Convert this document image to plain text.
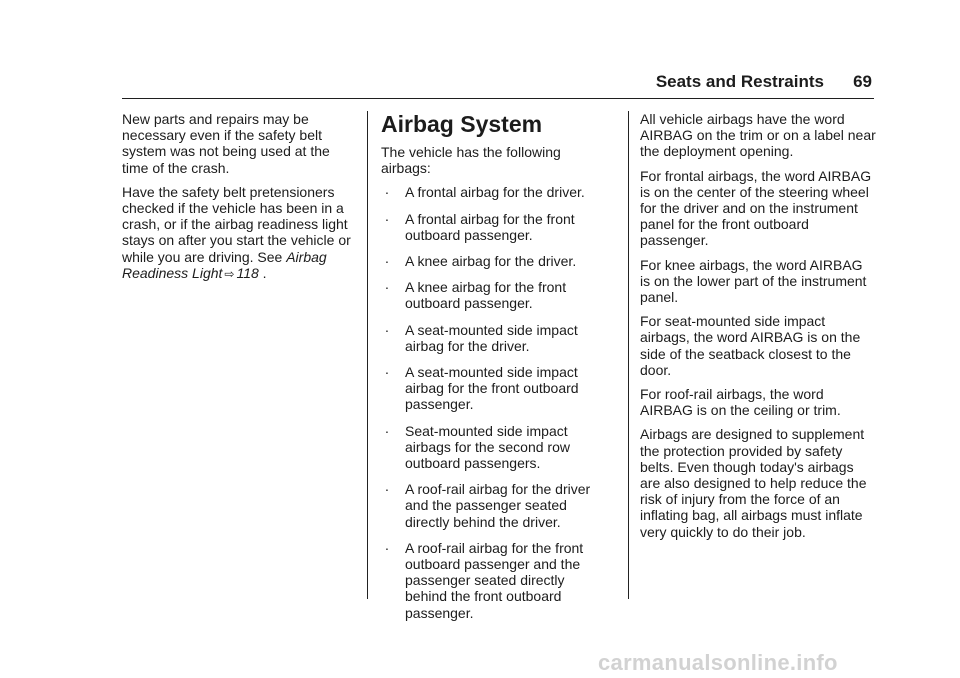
Seats and Restraints 69

New parts and repairs may be necessary even if the safety belt system was not being used at the time of the crash.

Have the safety belt pretensioners checked if the vehicle has been in a crash, or if the airbag readiness light stays on after you start the vehicle or while you are driving. See Airbag Readiness Light ⇨ 118 .

Airbag System

The vehicle has the following airbags:

. A frontal airbag for the driver.
. A frontal airbag for the front outboard passenger.
. A knee airbag for the driver.
. A knee airbag for the front outboard passenger.
. A seat-mounted side impact airbag for the driver.
. A seat-mounted side impact airbag for the front outboard passenger.
. Seat-mounted side impact airbags for the second row outboard passengers.
. A roof-rail airbag for the driver and the passenger seated directly behind the driver.
. A roof-rail airbag for the front outboard passenger and the passenger seated directly behind the front outboard passenger.

All vehicle airbags have the word AIRBAG on the trim or on a label near the deployment opening.

For frontal airbags, the word AIRBAG is on the center of the steering wheel for the driver and on the instrument panel for the front outboard passenger.

For knee airbags, the word AIRBAG is on the lower part of the instrument panel.

For seat-mounted side impact airbags, the word AIRBAG is on the side of the seatback closest to the door.

For roof-rail airbags, the word AIRBAG is on the ceiling or trim.

Airbags are designed to supplement the protection provided by safety belts. Even though today's airbags are also designed to help reduce the risk of injury from the force of an inflating bag, all airbags must inflate very quickly to do their job.

carmanualsonline.info
